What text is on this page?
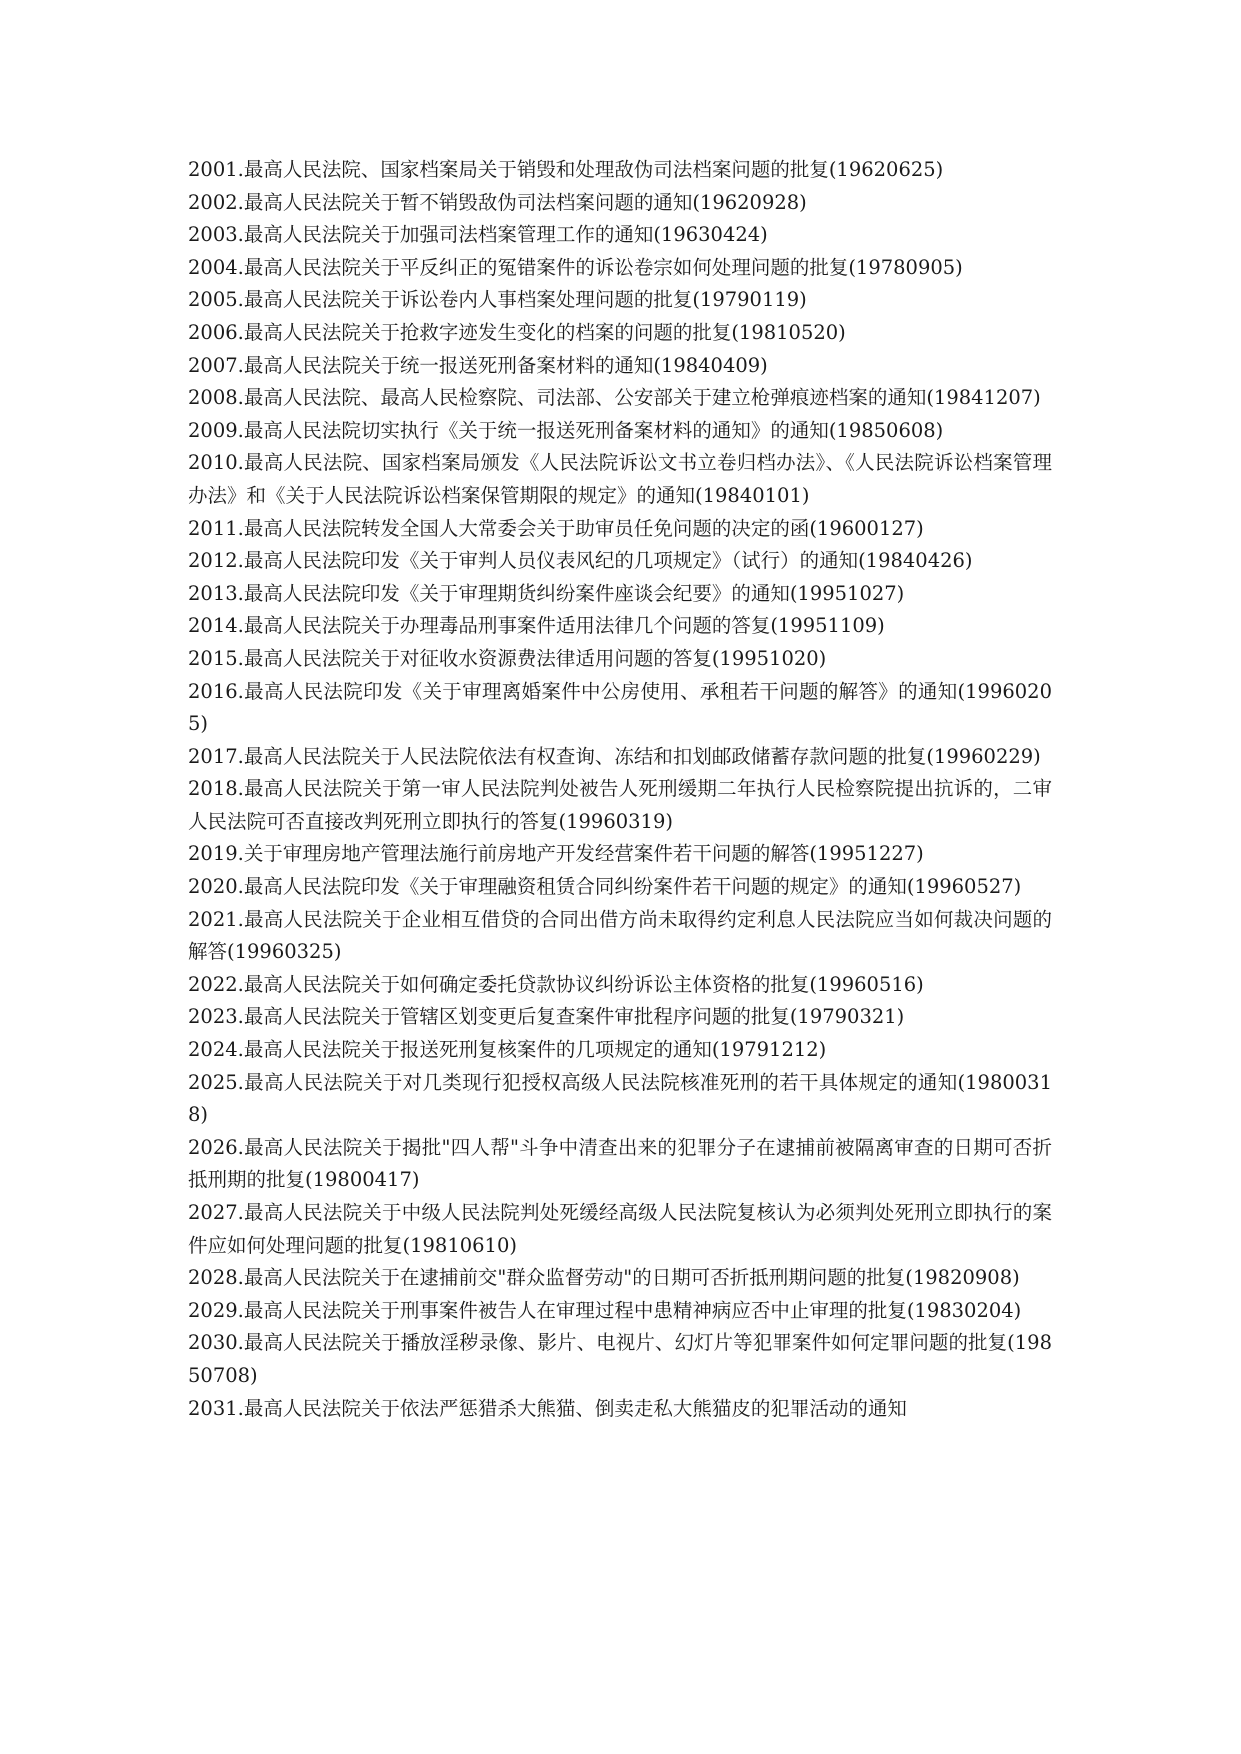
2001.最高人民法院、国家档案局关于销毁和处理敌伪司法档案问题的批复(19620625)
2002.最高人民法院关于暂不销毁敌伪司法档案问题的通知(19620928)
2003.最高人民法院关于加强司法档案管理工作的通知(19630424)
2004.最高人民法院关于平反纠正的冤错案件的诉讼卷宗如何处理问题的批复(19780905)
2005.最高人民法院关于诉讼卷内人事档案处理问题的批复(19790119)
2006.最高人民法院关于抢救字迹发生变化的档案的问题的批复(19810520)
2007.最高人民法院关于统一报送死刑备案材料的通知(19840409)
2008.最高人民法院、最高人民检察院、司法部、公安部关于建立枪弹痕迹档案的通知(19841207)
2009.最高人民法院切实执行《关于统一报送死刑备案材料的通知》的通知(19850608)
2010.最高人民法院、国家档案局颁发《人民法院诉讼文书立卷归档办法》、《人民法院诉讼档案管理办法》和《关于人民法院诉讼档案保管期限的规定》的通知(19840101)
2011.最高人民法院转发全国人大常委会关于助审员任免问题的决定的函(19600127)
2012.最高人民法院印发《关于审判人员仪表风纪的几项规定》（试行）的通知(19840426)
2013.最高人民法院印发《关于审理期货纠纷案件座谈会纪要》的通知(19951027)
2014.最高人民法院关于办理毒品刑事案件适用法律几个问题的答复(19951109)
2015.最高人民法院关于对征收水资源费法律适用问题的答复(19951020)
2016.最高人民法院印发《关于审理离婚案件中公房使用、承租若干问题的解答》的通知(19960205)
2017.最高人民法院关于人民法院依法有权查询、冻结和扣划邮政储蓄存款问题的批复(19960229)
2018.最高人民法院关于第一审人民法院判处被告人死刑缓期二年执行人民检察院提出抗诉的，二审人民法院可否直接改判死刑立即执行的答复(19960319)
2019.关于审理房地产管理法施行前房地产开发经营案件若干问题的解答(19951227)
2020.最高人民法院印发《关于审理融资租赁合同纠纷案件若干问题的规定》的通知(19960527)
2021.最高人民法院关于企业相互借贷的合同出借方尚未取得约定利息人民法院应当如何裁决问题的解答(19960325)
2022.最高人民法院关于如何确定委托贷款协议纠纷诉讼主体资格的批复(19960516)
2023.最高人民法院关于管辖区划变更后复查案件审批程序问题的批复(19790321)
2024.最高人民法院关于报送死刑复核案件的几项规定的通知(19791212)
2025.最高人民法院关于对几类现行犯授权高级人民法院核准死刑的若干具体规定的通知(19800318)
2026.最高人民法院关于揭批"四人帮"斗争中清查出来的犯罪分子在逮捕前被隔离审查的日期可否折抵刑期的批复(19800417)
2027.最高人民法院关于中级人民法院判处死缓经高级人民法院复核认为必须判处死刑立即执行的案件应如何处理问题的批复(19810610)
2028.最高人民法院关于在逮捕前交"群众监督劳动"的日期可否折抵刑期问题的批复(19820908)
2029.最高人民法院关于刑事案件被告人在审理过程中患精神病应否中止审理的批复(19830204)
2030.最高人民法院关于播放淫秽录像、影片、电视片、幻灯片等犯罪案件如何定罪问题的批复(19850708)
2031.最高人民法院关于依法严惩猎杀大熊猫、倒卖走私大熊猫皮的犯罪活动的通知
